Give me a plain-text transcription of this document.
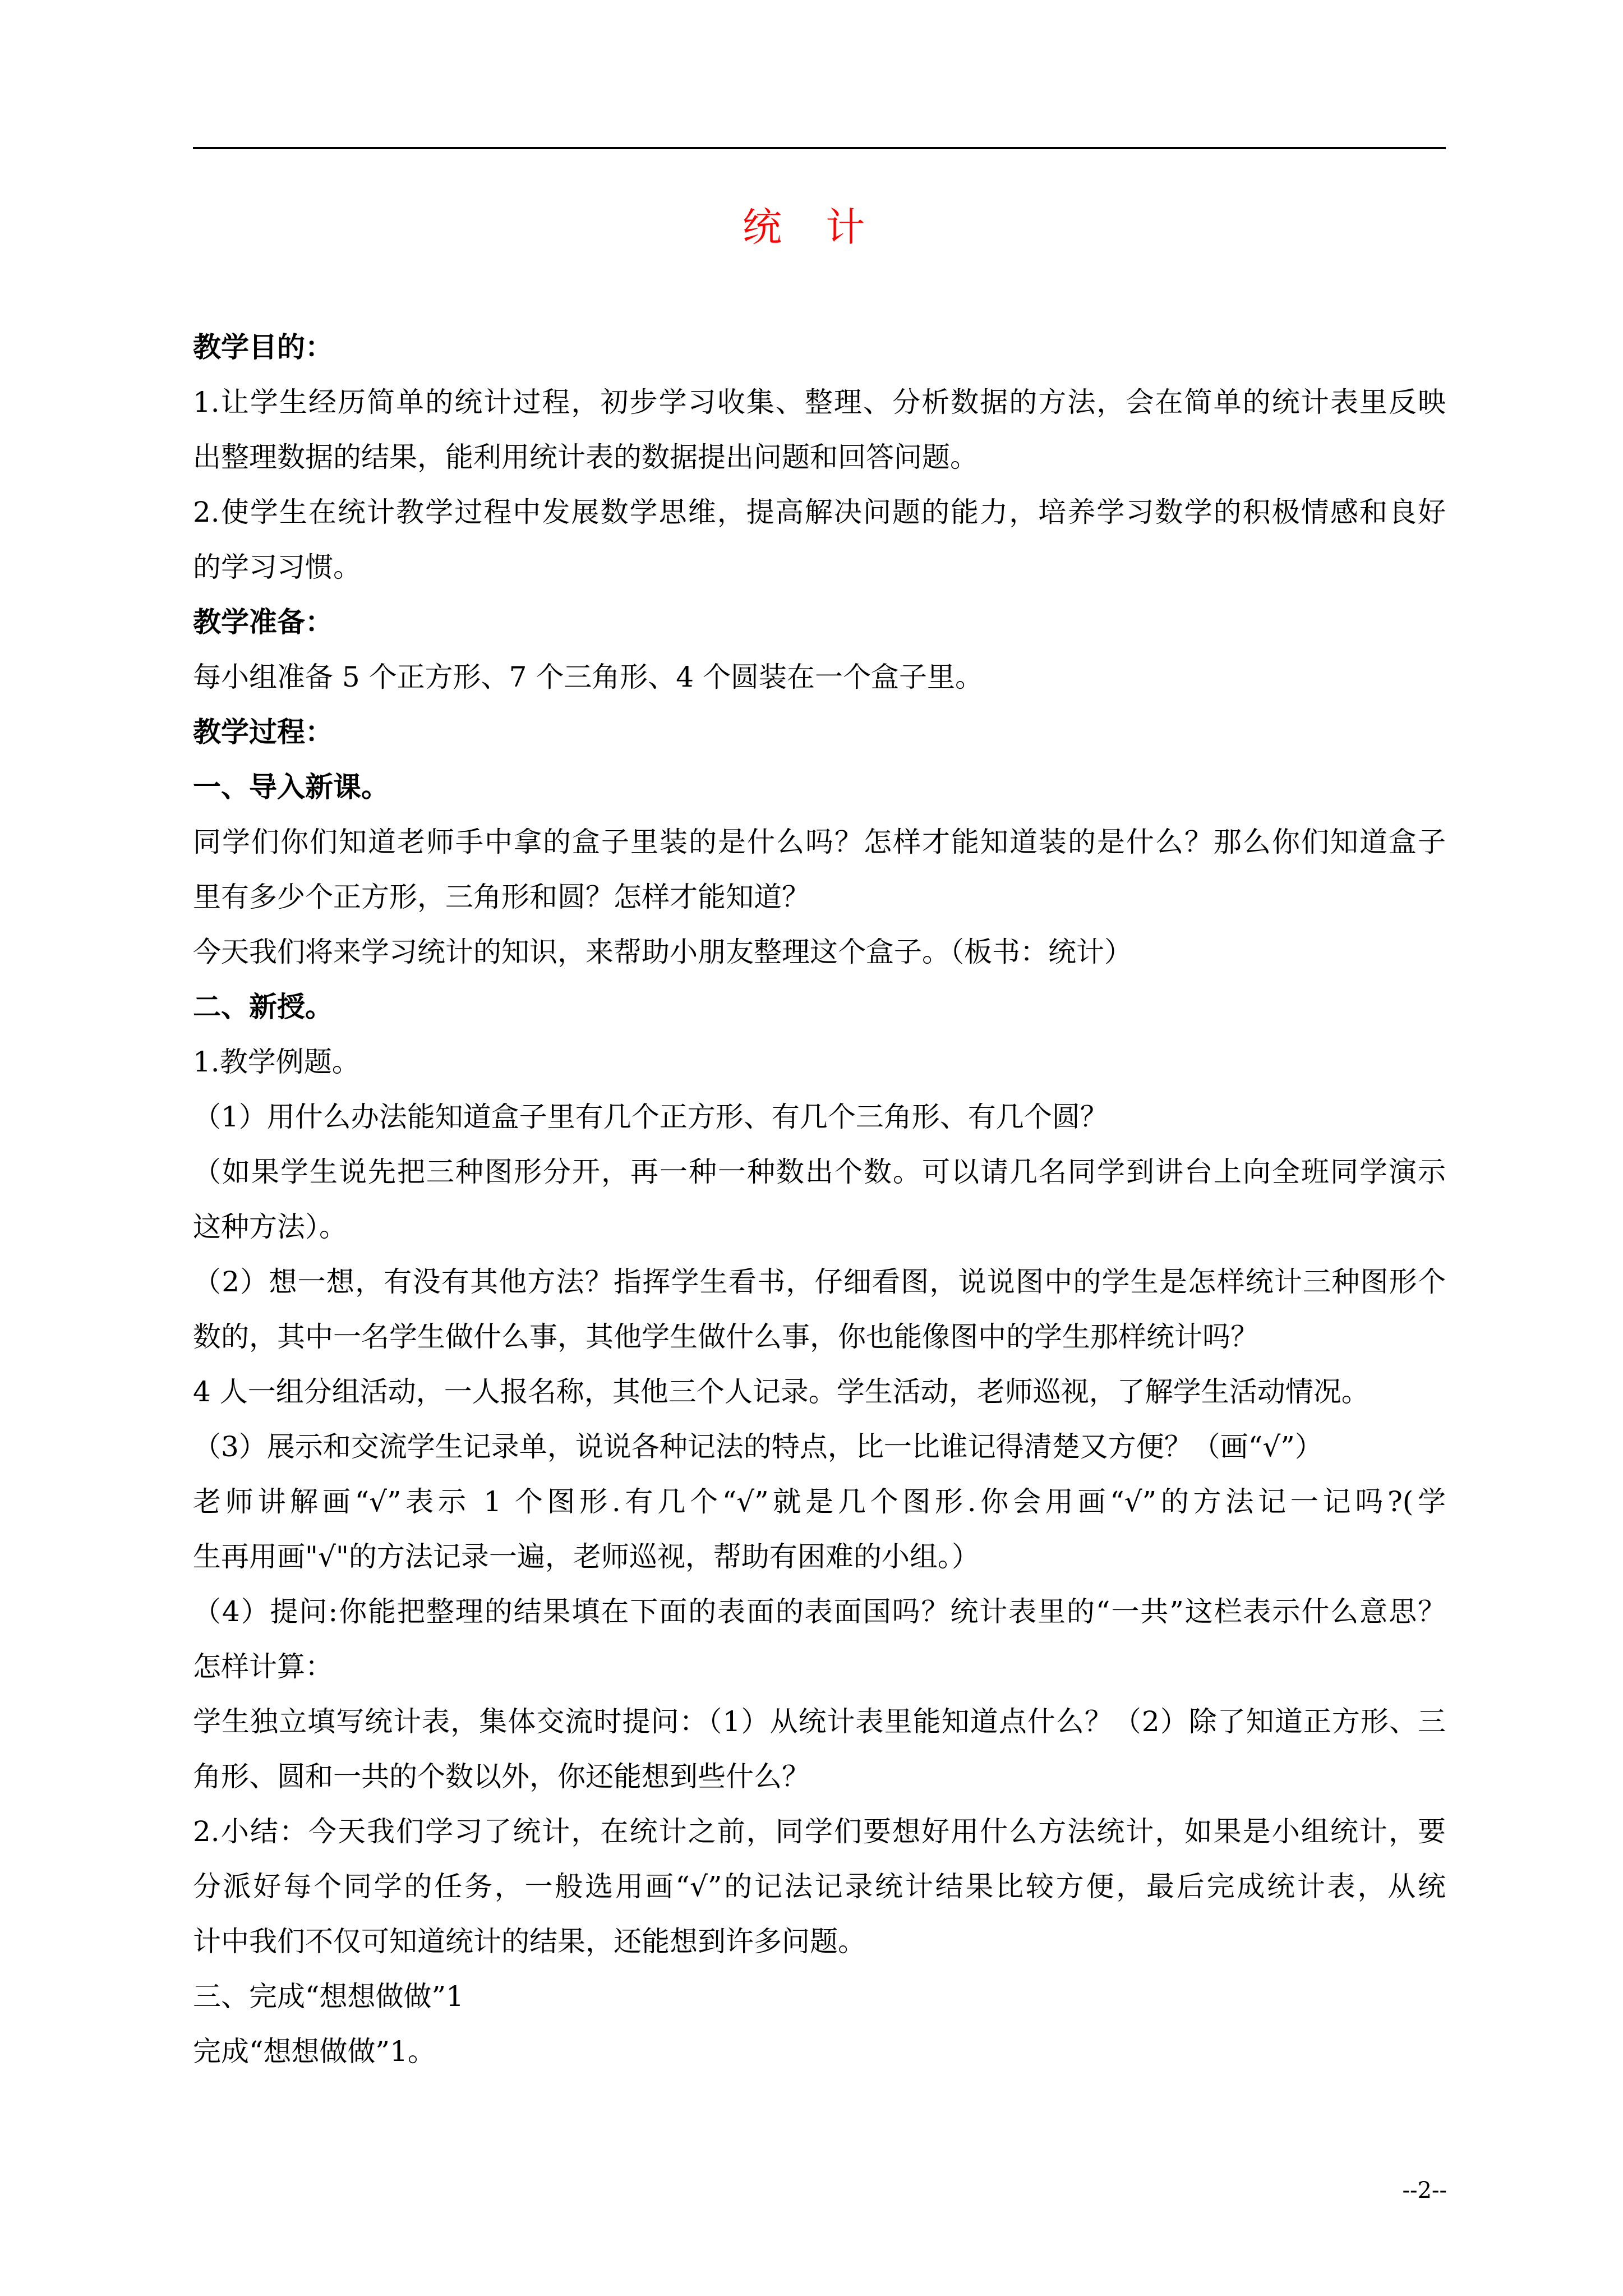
统 计
教学目的：
1.让学生经历简单的统计过程，初步学习收集、整理、分析数据的方法，会在简单的统计表里反映
出整理数据的结果，能利用统计表的数据提出问题和回答问题。
2.使学生在统计教学过程中发展数学思维，提高解决问题的能力，培养学习数学的积极情感和良好
的学习习惯。
教学准备：
每小组准备 5 个正方形、7 个三角形、4 个圆装在一个盒子里。
教学过程：
一、导入新课。
同学们你们知道老师手中拿的盒子里装的是什么吗？怎样才能知道装的是什么？那么你们知道盒子
里有多少个正方形，三角形和圆？怎样才能知道？
今天我们将来学习统计的知识，来帮助小朋友整理这个盒子。（板书：统计）
二、新授。
1.教学例题。
（1）用什么办法能知道盒子里有几个正方形、有几个三角形、有几个圆？
（如果学生说先把三种图形分开，再一种一种数出个数。可以请几名同学到讲台上向全班同学演示
这种方法）。
（2）想一想，有没有其他方法？指挥学生看书，仔细看图，说说图中的学生是怎样统计三种图形个
数的，其中一名学生做什么事，其他学生做什么事，你也能像图中的学生那样统计吗？
4 人一组分组活动，一人报名称，其他三个人记录。学生活动，老师巡视，了解学生活动情况。
（3）展示和交流学生记录单，说说各种记法的特点，比一比谁记得清楚又方便？（画“√”）
老师讲解画“√”表示 1 个图形.有几个“√”就是几个图形.你会用画“√”的方法记一记吗?(学
生再用画"√"的方法记录一遍，老师巡视，帮助有困难的小组。）
（4）提问:你能把整理的结果填在下面的表面的表面国吗？统计表里的“一共”这栏表示什么意思？
怎样计算：
学生独立填写统计表，集体交流时提问：（1）从统计表里能知道点什么？（2）除了知道正方形、三
角形、圆和一共的个数以外，你还能想到些什么？
2.小结：今天我们学习了统计，在统计之前，同学们要想好用什么方法统计，如果是小组统计，要
分派好每个同学的任务，一般选用画“√”的记法记录统计结果比较方便，最后完成统计表，从统
计中我们不仅可知道统计的结果，还能想到许多问题。
三、完成“想想做做”1
完成“想想做做”1。
--2--
